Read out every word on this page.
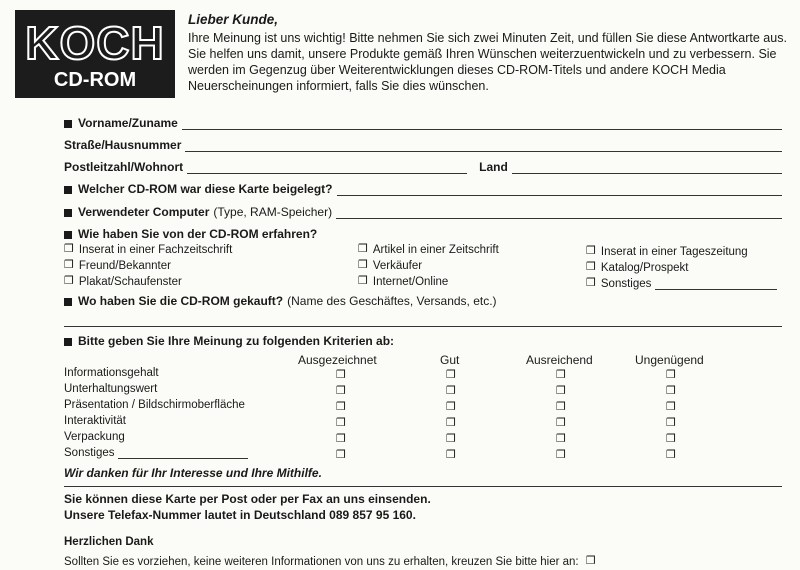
KOCH
CD-ROM
Lieber Kunde,
Ihre Meinung ist uns wichtig! Bitte nehmen Sie sich zwei Minuten Zeit, und füllen Sie diese Antwortkarte aus. Sie helfen uns damit, unsere Produkte gemäß Ihren Wünschen weiterzuentwickeln und zu verbessern. Sie werden im Gegenzug über Weiterentwicklungen dieses CD-ROM-Titels und andere KOCH Media Neuerscheinungen informiert, falls Sie dies wünschen.
Vorname/Zuname
Straße/Hausnummer
Postleitzahl/Wohnort	Land
Welcher CD-ROM war diese Karte beigelegt?
Verwendeter Computer (Type, RAM-Speicher)
Wie haben Sie von der CD-ROM erfahren?
❒ Inserat in einer Fachzeitschrift	❒ Artikel in einer Zeitschrift	❒ Inserat in einer Tageszeitung
❒ Freund/Bekannter	❒ Verkäufer	❒ Katalog/Prospekt
❒ Plakat/Schaufenster	❒ Internet/Online	❒ Sonstiges
Wo haben Sie die CD-ROM gekauft? (Name des Geschäftes, Versands, etc.)
Bitte geben Sie Ihre Meinung zu folgenden Kriterien ab:
Ausgezeichnet	Gut	Ausreichend	Ungenügend
Informationsgehalt	❒	❒	❒	❒
Unterhaltungswert	❒	❒	❒	❒
Präsentation / Bildschirmoberfläche	❒	❒	❒	❒
Interaktivität	❒	❒	❒	❒
Verpackung	❒	❒	❒	❒
Sonstiges	❒	❒	❒	❒
Wir danken für Ihr Interesse und Ihre Mithilfe.
Sie können diese Karte per Post oder per Fax an uns einsenden.
Unsere Telefax-Nummer lautet in Deutschland 089 857 95 160.
Herzlichen Dank
Sollten Sie es vorziehen, keine weiteren Informationen von uns zu erhalten, kreuzen Sie bitte hier an: ❒
